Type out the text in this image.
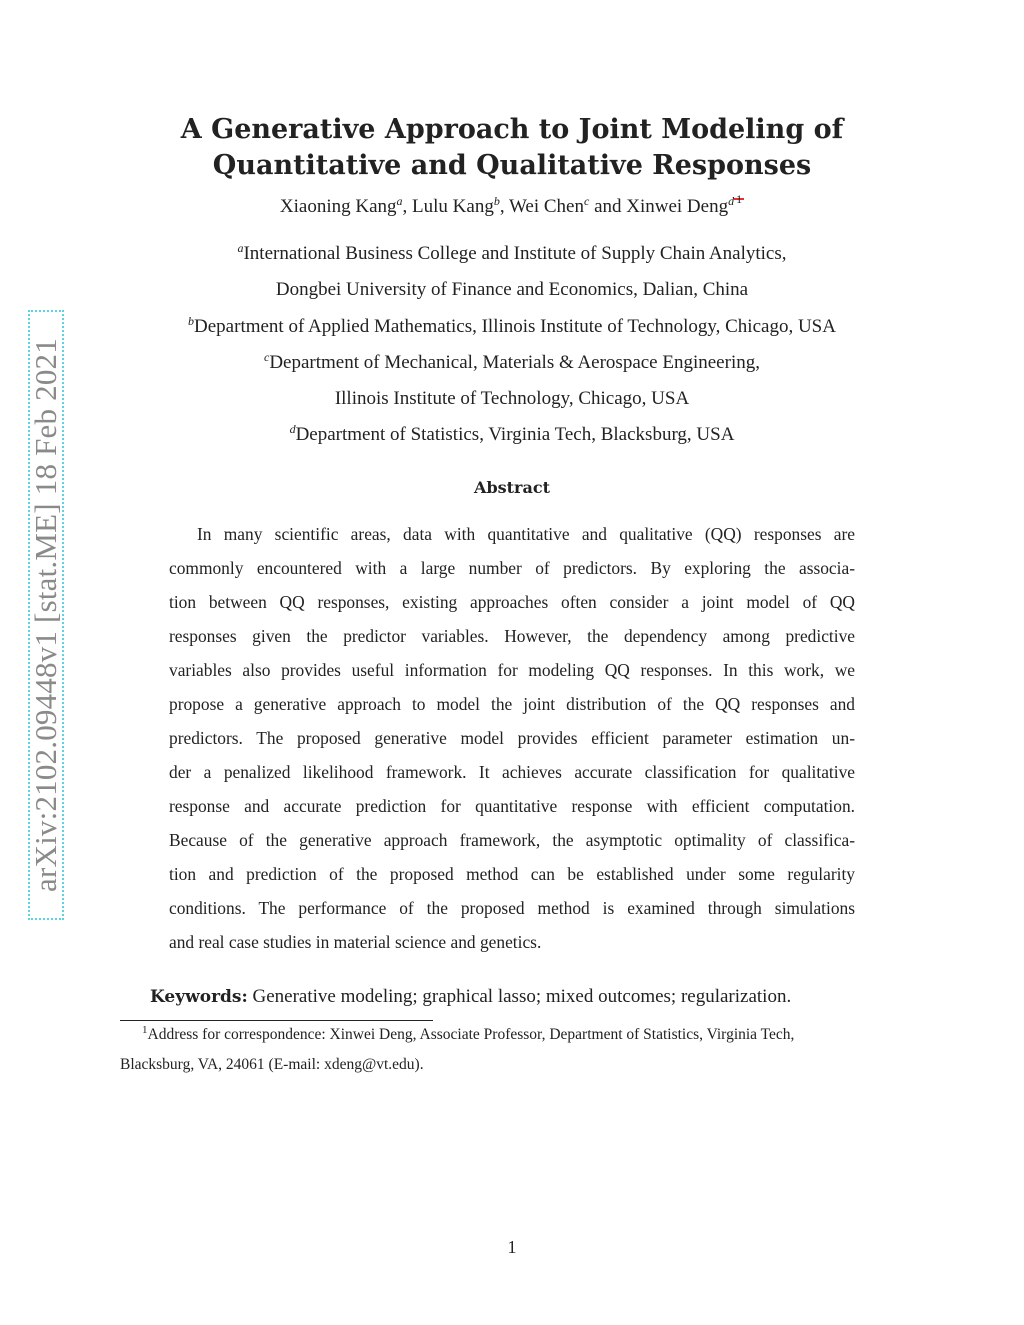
arXiv:2102.09448v1 [stat.ME] 18 Feb 2021
A Generative Approach to Joint Modeling of
Quantitative and Qualitative Responses
Xiaoning Kang$^a$, Lulu Kang$^b$, Wei Chen$^c$ and Xinwei Deng$^d$ $^1$
$^a$International Business College and Institute of Supply Chain Analytics,
Dongbei University of Finance and Economics, Dalian, China
$^b$Department of Applied Mathematics, Illinois Institute of Technology, Chicago, USA
$^c$Department of Mechanical, Materials & Aerospace Engineering,
Illinois Institute of Technology, Chicago, USA
$^d$Department of Statistics, Virginia Tech, Blacksburg, USA
Abstract
In many scientific areas, data with quantitative and qualitative (QQ) responses are
commonly encountered with a large number of predictors. By exploring the associa-
tion between QQ responses, existing approaches often consider a joint model of QQ
responses given the predictor variables. However, the dependency among predictive
variables also provides useful information for modeling QQ responses. In this work, we
propose a generative approach to model the joint distribution of the QQ responses and
predictors. The proposed generative model provides efficient parameter estimation un-
der a penalized likelihood framework. It achieves accurate classification for qualitative
response and accurate prediction for quantitative response with efficient computation.
Because of the generative approach framework, the asymptotic optimality of classifica-
tion and prediction of the proposed method can be established under some regularity
conditions. The performance of the proposed method is examined through simulations
and real case studies in material science and genetics.
Keywords: Generative modeling; graphical lasso; mixed outcomes; regularization.
$^1$Address for correspondence: Xinwei Deng, Associate Professor, Department of Statistics, Virginia Tech,
Blacksburg, VA, 24061 (E-mail: xdeng@vt.edu).
1
